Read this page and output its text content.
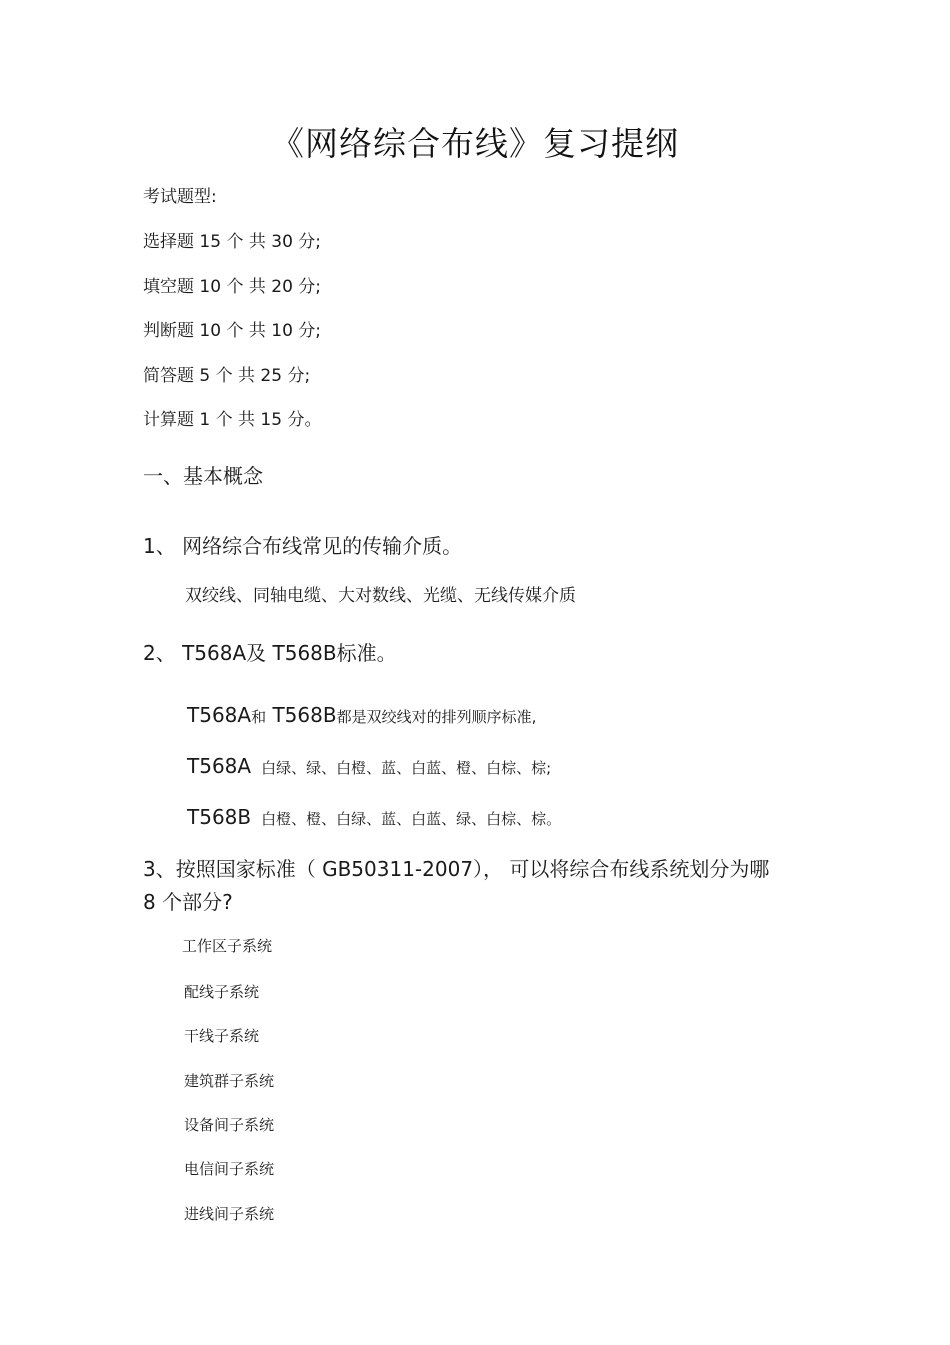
《网络综合布线》复习提纲
考试题型:
选择题 15 个 共 30 分;
填空题 10 个 共 20 分;
判断题 10 个 共 10 分;
简答题 5 个 共 25 分;
计算题 1 个 共 15 分。
一、基本概念
1、 网络综合布线常见的传输介质。
双绞线、同轴电缆、大对数线、光缆、无线传媒介质
2、 T568A及 T568B标准。
T568A和 T568B都是双绞线对的排列顺序标准,
T568A 白绿、绿、白橙、蓝、白蓝、橙、白棕、棕;
T568B 白橙、橙、白绿、蓝、白蓝、绿、白棕、棕。
3、按照国家标准（ GB50311-2007）， 可以将综合布线系统划分为哪
8 个部分?
工作区子系统
配线子系统
干线子系统
建筑群子系统
设备间子系统
电信间子系统
进线间子系统
